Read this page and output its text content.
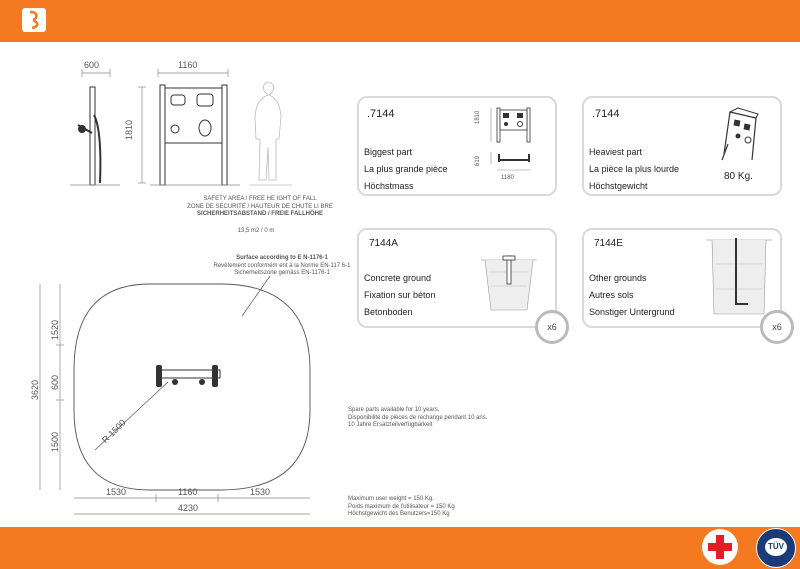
600	1160
1810
SAFETY AREA / FREE HE IGHT OF FALL
ZONE DE SECURITÉ / HAUTEUR DE CHUTE LI BRE
SICHERHEITSABSTAND / FREIE FALLHÖHE
13,5 m2 / 0 m
Surface according to E N-1176-1
Revêtement conformém ent à la Norme EN-117 6-1
Sicherheitszone gemäss EN-1176-1
R 1500
1520
600
1500
3620
1530	1160	1530
4230
Spare parts available for 10 years.
Disponibilité de pièces de rechange pendant 10 ans.
10 Jahre Ersatzteilverfügbarkeit
Maximum user weight = 150 Kg.
Poids maximum de l'utilisateur = 150 Kg
Höchstgewicht des Benutzers=150 Kg
.7144
Biggest part
La plus grande pièce
Höchstmass
1810
610
1180
.7144
Heaviest part
La pièce la plus lourde
Höchstgewicht
80 Kg.
7144A
Concrete ground
Fixation sur béton
Betonboden
x6
7144E
Other grounds
Autres sols
Sonstiger Untergrund
x6
TÜV
